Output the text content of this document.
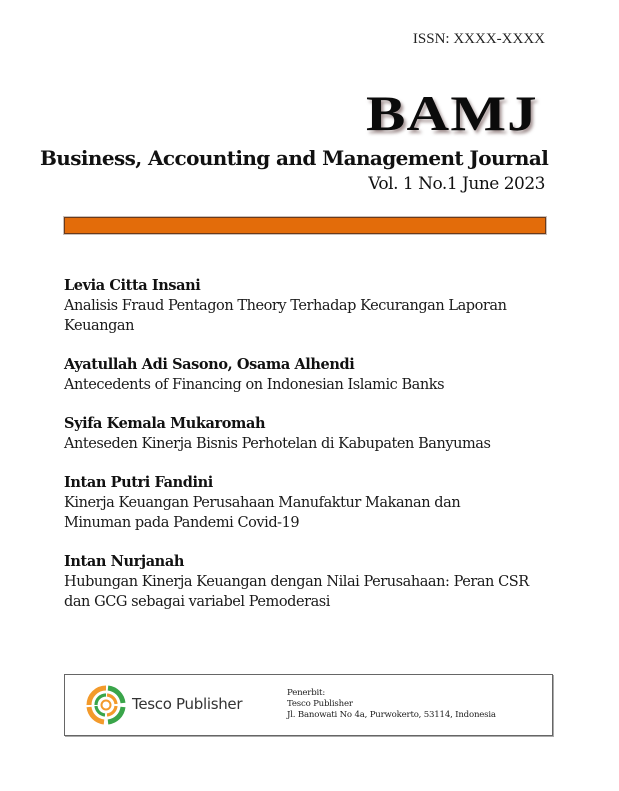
ISSN: XXXX-XXXX
BAMJ
Business, Accounting and Management Journal
Vol. 1 No.1 June 2023
Levia Citta Insani
Analisis Fraud Pentagon Theory Terhadap Kecurangan Laporan
Keuangan
Ayatullah Adi Sasono, Osama Alhendi
Antecedents of Financing on Indonesian Islamic Banks
Syifa Kemala Mukaromah
Anteseden Kinerja Bisnis Perhotelan di Kabupaten Banyumas
Intan Putri Fandini
Kinerja Keuangan Perusahaan Manufaktur Makanan dan
Minuman pada Pandemi Covid-19
Intan Nurjanah
Hubungan Kinerja Keuangan dengan Nilai Perusahaan: Peran CSR
dan GCG sebagai variabel Pemoderasi
Tesco Publisher
Penerbit:
Tesco Publisher
Jl. Banowati No 4a, Purwokerto, 53114, Indonesia
